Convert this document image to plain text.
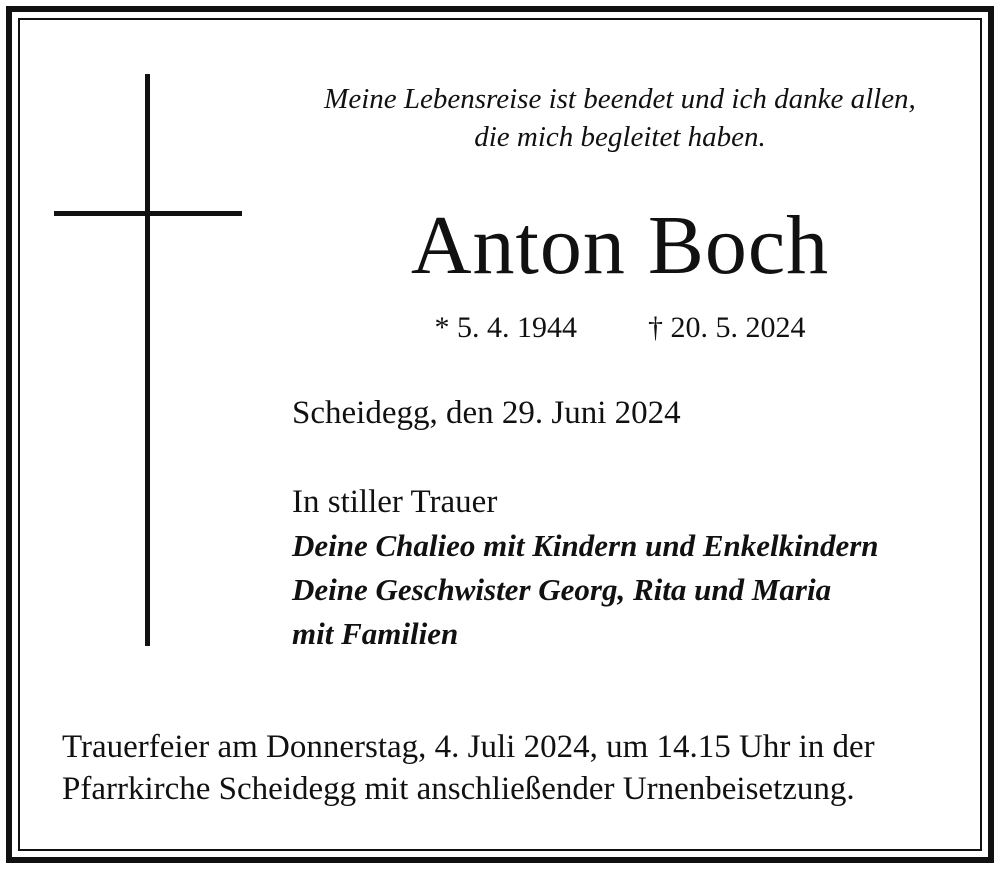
Meine Lebensreise ist beendet und ich danke allen,
die mich begleitet haben.
Anton Boch
* 5. 4. 1944 † 20. 5. 2024
Scheidegg, den 29. Juni 2024
In stiller Trauer
Deine Chalieo mit Kindern und Enkelkindern
Deine Geschwister Georg, Rita und Maria
mit Familien
Trauerfeier am Donnerstag, 4. Juli 2024, um 14.15 Uhr in der
Pfarrkirche Scheidegg mit anschließender Urnenbeisetzung.
